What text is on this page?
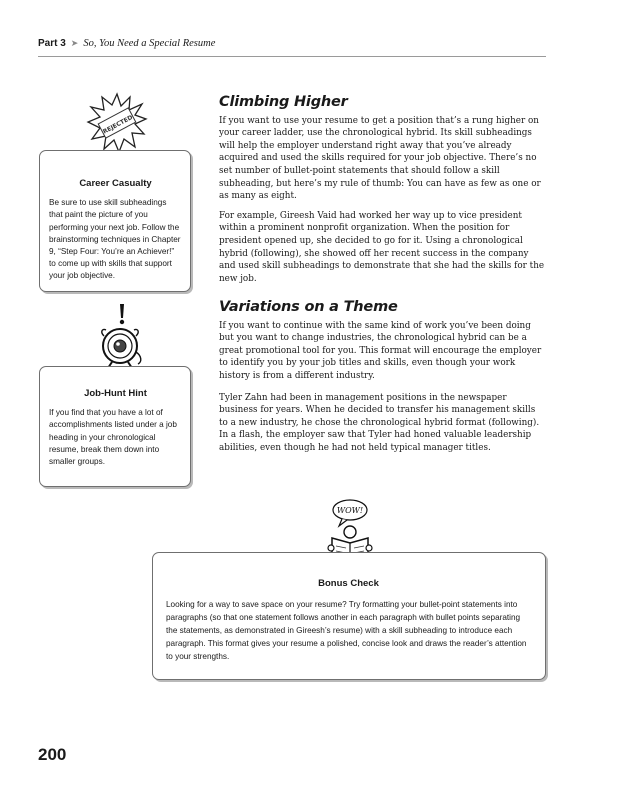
Part 3 ➤ So, You Need a Special Resume
REJECTED
Career Casualty

Be sure to use skill subheadings that paint the picture of you performing your next job. Follow the brainstorming techniques in Chapter 9, “Step Four: You’re an Achiever!” to come up with skills that support your job objective.

Job-Hunt Hint

If you find that you have a lot of accomplishments listed under a job heading in your chronological resume, break them down into smaller groups.

Climbing Higher

If you want to use your resume to get a position that’s a rung higher on your career ladder, use the chronological hybrid. Its skill subheadings will help the employer understand right away that you’ve already acquired and used the skills required for your job objective. There’s no set number of bullet-point statements that should follow a skill subheading, but here’s my rule of thumb: You can have as few as one or as many as eight.

For example, Gireesh Vaid had worked her way up to vice president within a prominent nonprofit organization. When the position for president opened up, she decided to go for it. Using a chronological hybrid (following), she showed off her recent success in the company and used skill subheadings to demonstrate that she had the skills for the new job.

Variations on a Theme

If you want to continue with the same kind of work you’ve been doing but you want to change industries, the chronological hybrid can be a great promotional tool for you. This format will encourage the employer to identify you by your job titles and skills, even though your work history is from a different industry.

Tyler Zahn had been in management positions in the newspaper business for years. When he decided to transfer his management skills to a new industry, he chose the chronological hybrid format (following). In a flash, the employer saw that Tyler had honed valuable leadership abilities, even though he had not held typical manager titles.

WOW!
Bonus Check

Looking for a way to save space on your resume? Try formatting your bullet-point statements into paragraphs (so that one statement follows another in each paragraph with bullet points separating the statements, as demonstrated in Gireesh’s resume) with a skill subheading to introduce each paragraph. This format gives your resume a polished, concise look and draws the reader’s attention to your strengths.

200
